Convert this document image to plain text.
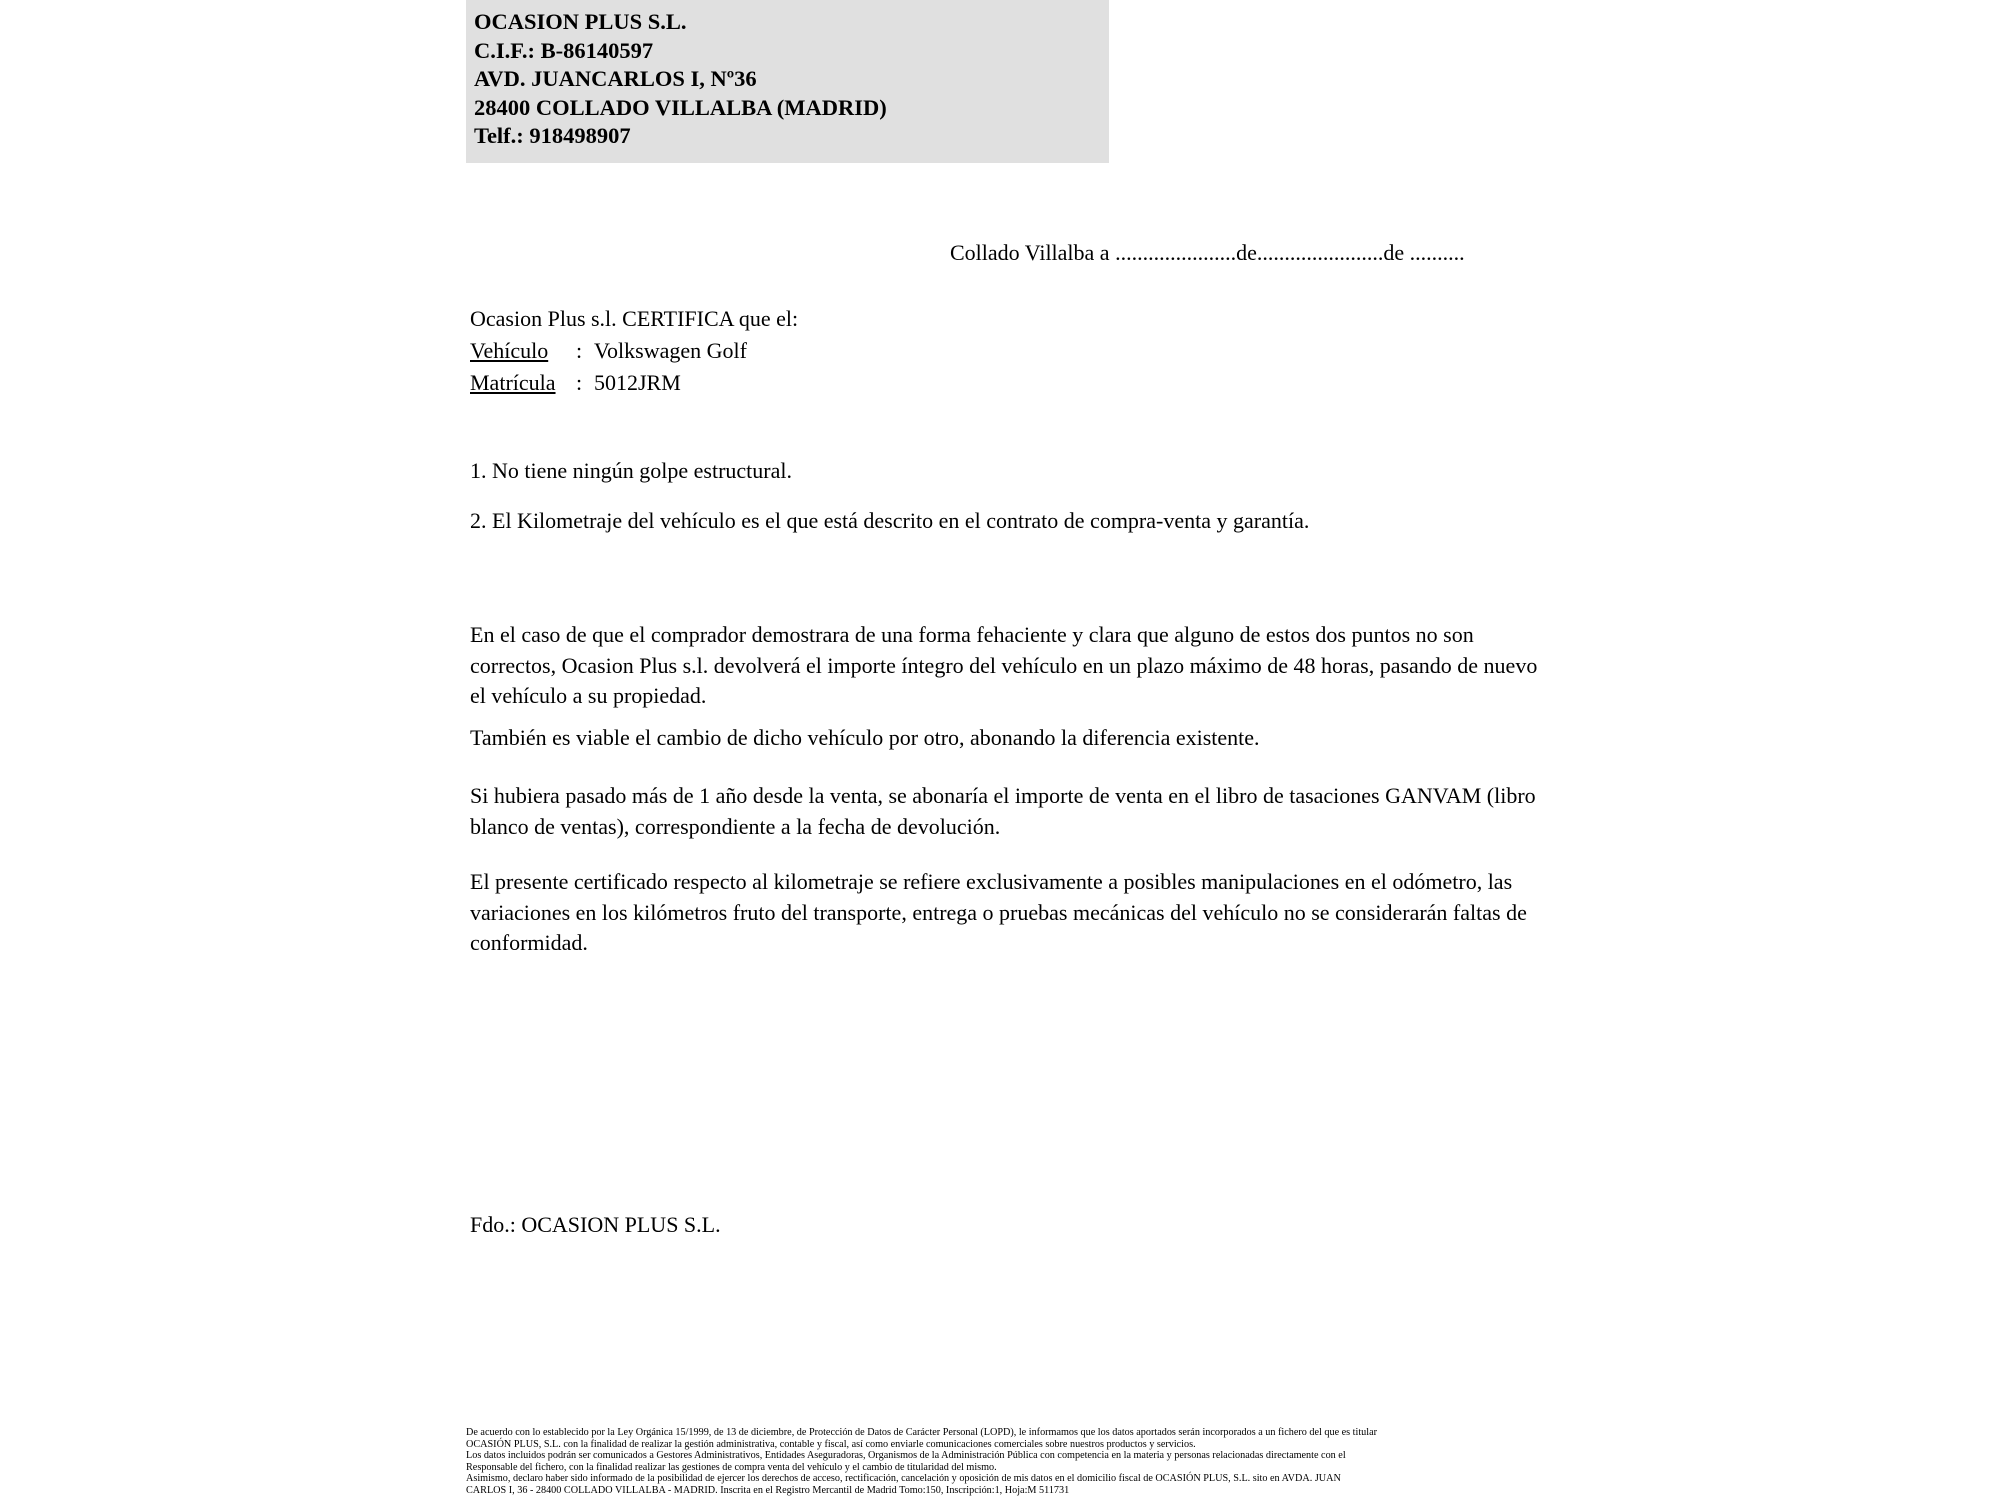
OCASION PLUS S.L.
C.I.F.: B-86140597
AVD. JUANCARLOS I, Nº36
28400 COLLADO VILLALBA (MADRID)
Telf.: 918498907
Collado Villalba a ......................de.......................de ..........
Ocasion Plus s.l. CERTIFICA que el:
Vehículo	: Volkswagen Golf
Matrícula : 5012JRM
1. No tiene ningún golpe estructural.
2. El Kilometraje del vehículo es el que está descrito en el contrato de compra-venta y garantía.
En el caso de que el comprador demostrara de una forma fehaciente y clara que alguno de estos dos puntos no son correctos, Ocasion Plus s.l. devolverá el importe íntegro del vehículo en un plazo máximo de 48 horas, pasando de nuevo el vehículo a su propiedad.
También es viable el cambio de dicho vehículo por otro, abonando la diferencia existente.
Si hubiera pasado más de 1 año desde la venta, se abonaría el importe de venta en el libro de tasaciones GANVAM (libro blanco de ventas), correspondiente a la fecha de devolución.
El presente certificado respecto al kilometraje se refiere exclusivamente a posibles manipulaciones en el odómetro, las variaciones en los kilómetros fruto del transporte, entrega o pruebas mecánicas del vehículo no se considerarán faltas de conformidad.
Fdo.: OCASION PLUS S.L.

De acuerdo con lo establecido por la Ley Orgánica 15/1999, de 13 de diciembre, de Protección de Datos de Carácter Personal (LOPD), le informamos que los datos aportados serán incorporados a un fichero del que es titular

OCASIÓN PLUS, S.L. con la finalidad de realizar la gestión administrativa, contable y fiscal, así como enviarle comunicaciones comerciales sobre nuestros productos y servicios.

Los datos incluidos podrán ser comunicados a Gestores Administrativos, Entidades Aseguradoras, Organismos de la Administración Pública con competencia en la materia y personas relacionadas directamente con el

Responsable del fichero, con la finalidad realizar las gestiones de compra venta del vehículo y el cambio de titularidad del mismo.

Asimismo, declaro haber sido informado de la posibilidad de ejercer los derechos de acceso, rectificación, cancelación y oposición de mis datos en el domicilio fiscal de OCASIÓN PLUS, S.L. sito en AVDA. JUAN

CARLOS I, 36 - 28400 COLLADO VILLALBA - MADRID. Inscrita en el Registro Mercantil de Madrid Tomo:150, Inscripción:1, Hoja:M 511731
